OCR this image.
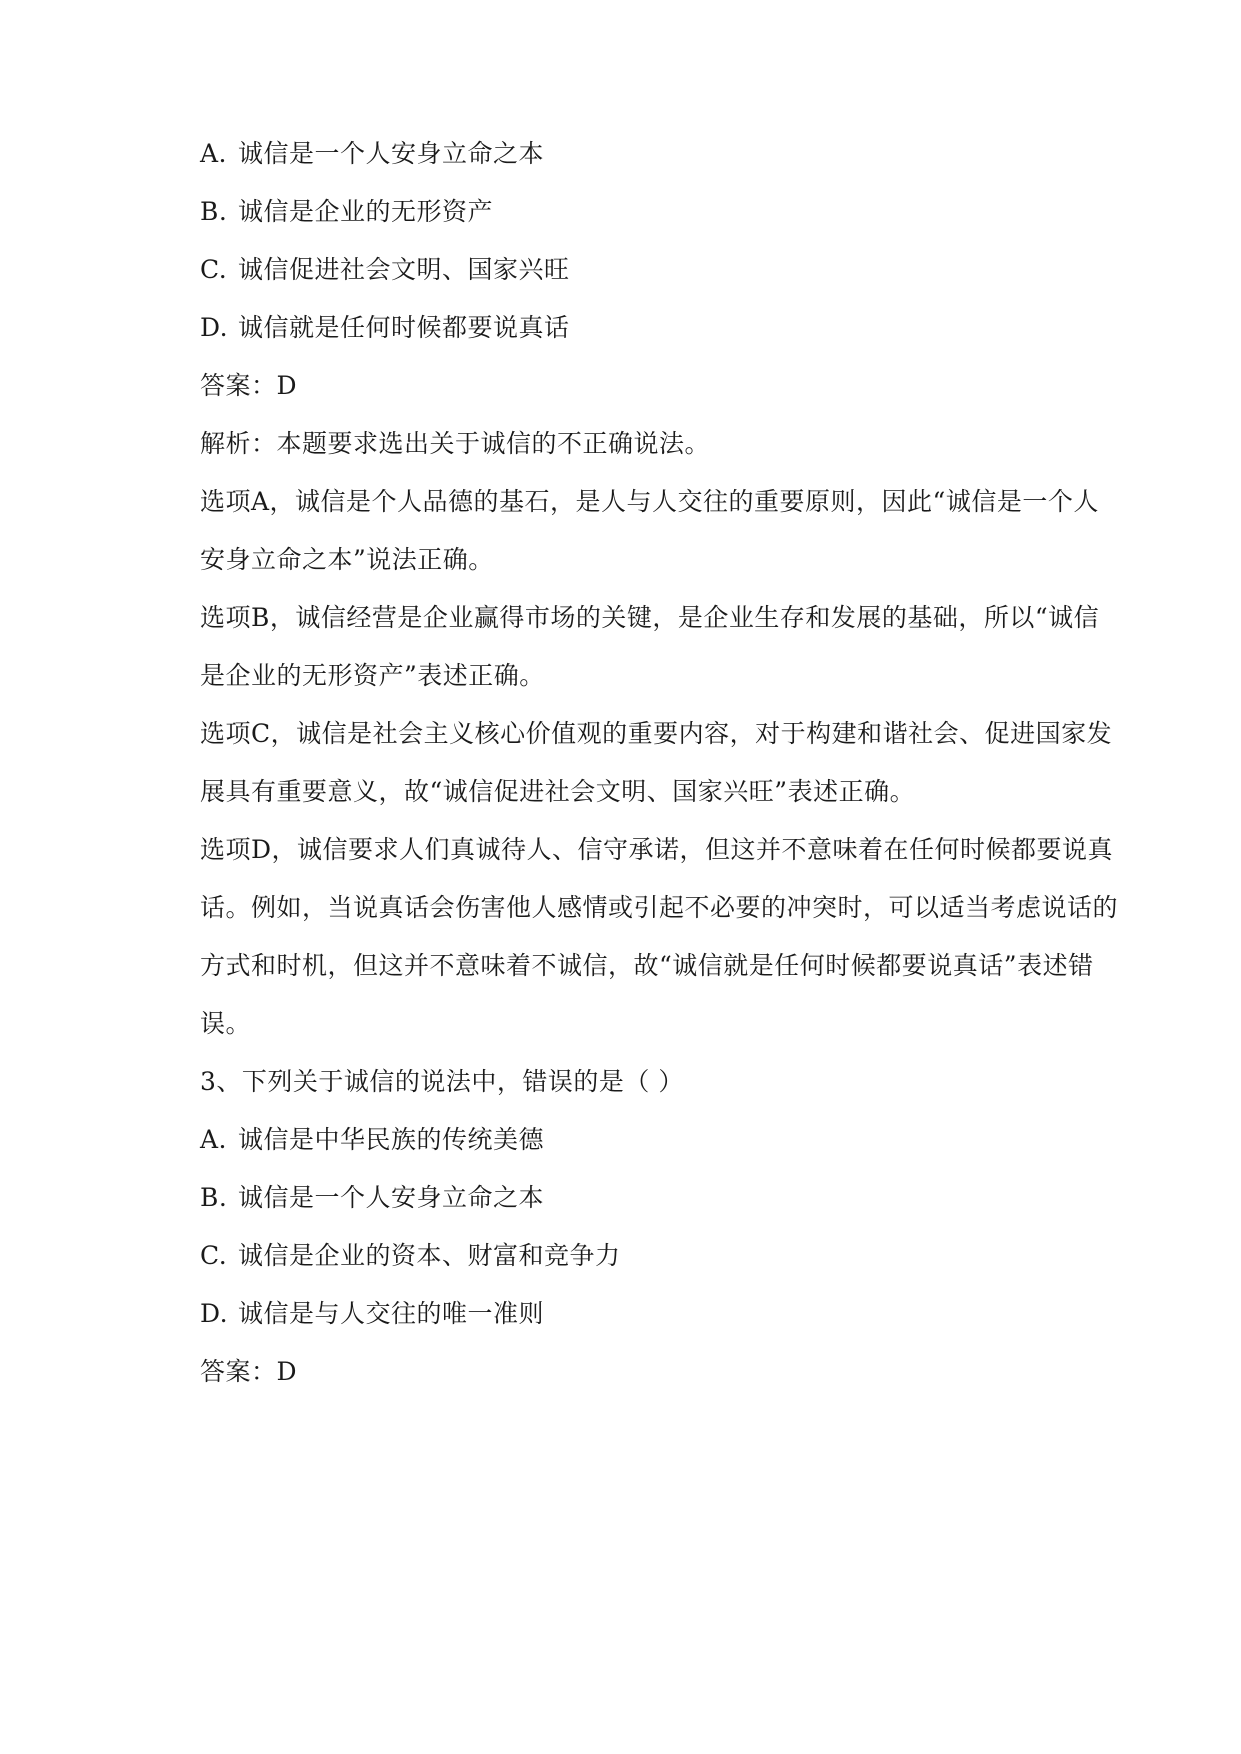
A. 诚信是一个人安身立命之本
B. 诚信是企业的无形资产
C. 诚信促进社会文明、国家兴旺
D. 诚信就是任何时候都要说真话
答案：D
解析：本题要求选出关于诚信的不正确说法。
选项A，诚信是个人品德的基石，是人与人交往的重要原则，因此“诚信是一个人
安身立命之本”说法正确。
选项B，诚信经营是企业赢得市场的关键，是企业生存和发展的基础，所以“诚信
是企业的无形资产”表述正确。
选项C，诚信是社会主义核心价值观的重要内容，对于构建和谐社会、促进国家发
展具有重要意义，故“诚信促进社会文明、国家兴旺”表述正确。
选项D，诚信要求人们真诚待人、信守承诺，但这并不意味着在任何时候都要说真
话。例如，当说真话会伤害他人感情或引起不必要的冲突时，可以适当考虑说话的
方式和时机，但这并不意味着不诚信，故“诚信就是任何时候都要说真话”表述错
误。
3、下列关于诚信的说法中，错误的是（ ）
A. 诚信是中华民族的传统美德
B. 诚信是一个人安身立命之本
C. 诚信是企业的资本、财富和竞争力
D. 诚信是与人交往的唯一准则
答案：D
